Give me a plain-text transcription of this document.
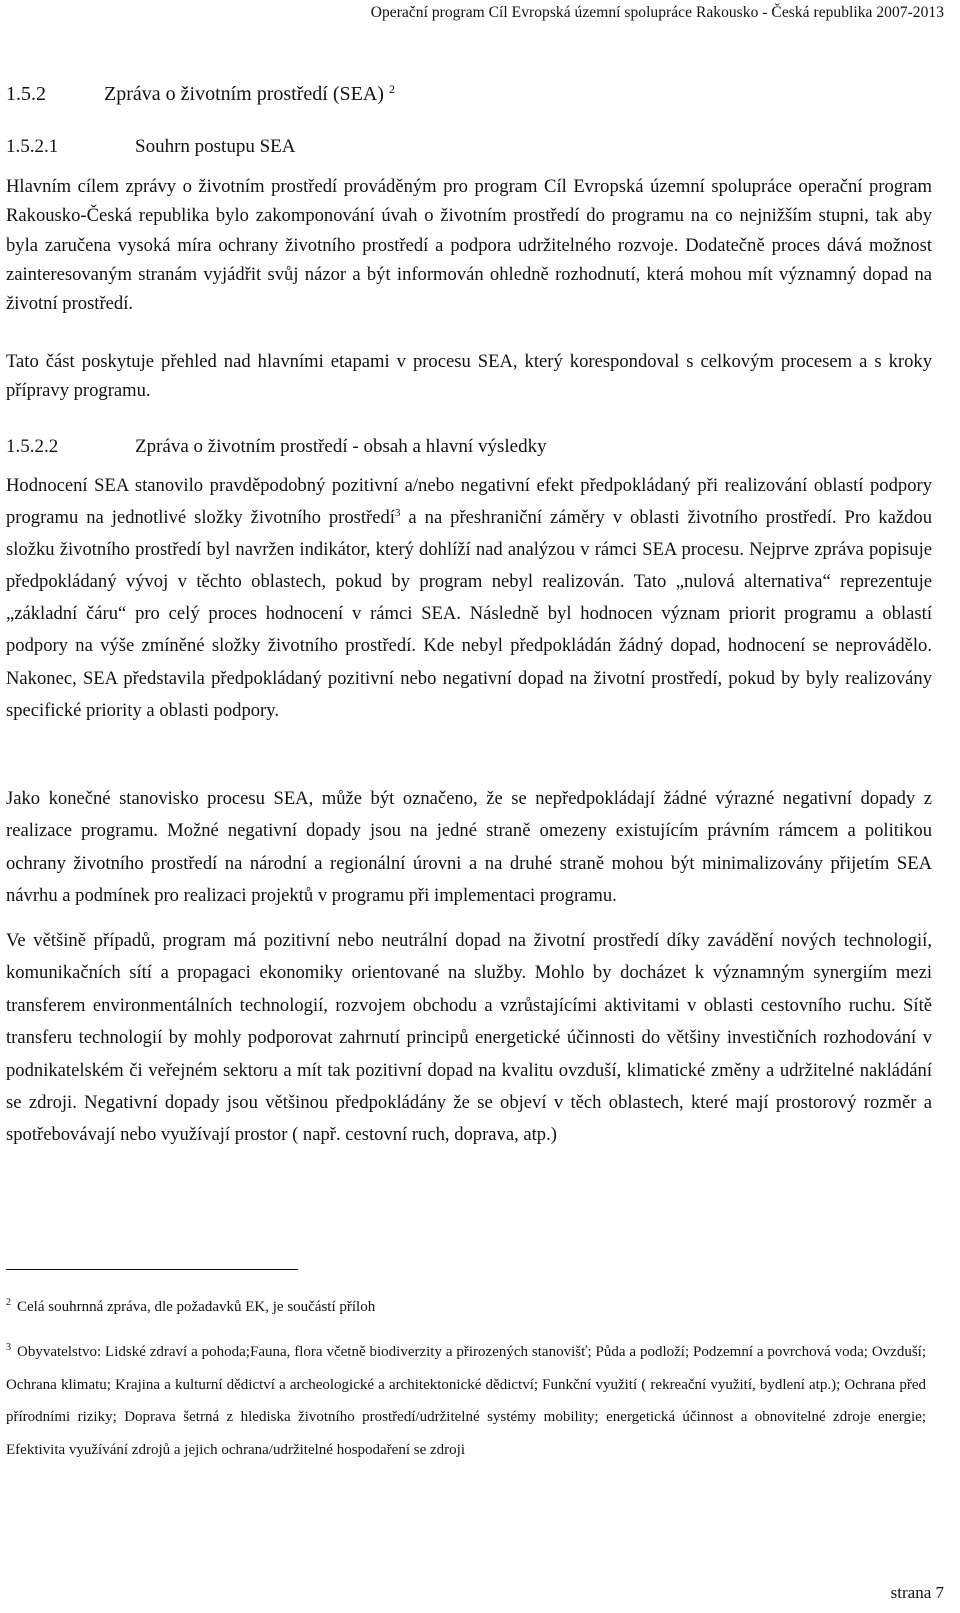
Operační program Cíl Evropská územní spolupráce Rakousko - Česká republika 2007-2013
1.5.2	Zpráva o životním prostředí (SEA) $^2$
1.5.2.1	Souhrn postupu SEA

Hlavním cílem zprávy o životním prostředí prováděným pro program Cíl Evropská územní spolupráce operační program Rakousko-Česká republika bylo zakomponování úvah o životním prostředí do programu na co nejnižším stupni, tak aby byla zaručena vysoká míra ochrany životního prostředí a podpora udržitelného rozvoje. Dodatečně proces dává možnost zainteresovaným stranám vyjádřit svůj názor a být informován ohledně rozhodnutí, která mohou mít významný dopad na životní prostředí.

Tato část poskytuje přehled nad hlavními etapami v procesu SEA, který korespondoval s celkovým procesem a s kroky přípravy programu.

1.5.2.2	Zpráva o životním prostředí - obsah a hlavní výsledky

Hodnocení SEA stanovilo pravděpodobný pozitivní a/nebo negativní efekt předpokládaný při realizování oblastí podpory programu na jednotlivé složky životního prostředí$^3$ a na přeshraniční záměry v oblasti životního prostředí. Pro každou složku životního prostředí byl navržen indikátor, který dohlíží nad analýzou v rámci SEA procesu. Nejprve zpráva popisuje předpokládaný vývoj v těchto oblastech, pokud by program nebyl realizován. Tato „nulová alternativa“ reprezentuje „základní čáru“ pro celý proces hodnocení v rámci SEA. Následně byl hodnocen význam priorit programu a oblastí podpory na výše zmíněné složky životního prostředí. Kde nebyl předpokládán žádný dopad, hodnocení se neprovádělo. Nakonec, SEA představila předpokládaný pozitivní nebo negativní dopad na životní prostředí, pokud by byly realizovány specifické priority a oblasti podpory.

Jako konečné stanovisko procesu SEA, může být označeno, že se nepředpokládají žádné výrazné negativní dopady z realizace programu. Možné negativní dopady jsou na jedné straně omezeny existujícím právním rámcem a politikou ochrany životního prostředí na národní a regionální úrovni a na druhé straně mohou být minimalizovány přijetím SEA návrhu a podmínek pro realizaci projektů v programu při implementaci programu.

Ve většině případů, program má pozitivní nebo neutrální dopad na životní prostředí díky zavádění nových technologií, komunikačních sítí a propagaci ekonomiky orientované na služby. Mohlo by docházet k významným synergiím mezi transferem environmentálních technologií, rozvojem obchodu a vzrůstajícími aktivitami v oblasti cestovního ruchu. Sítě transferu technologií by mohly podporovat zahrnutí principů energetické účinnosti do většiny investičních rozhodování v podnikatelském či veřejném sektoru a mít tak pozitivní dopad na kvalitu ovzduší, klimatické změny a udržitelné nakládání se zdroji. Negativní dopady jsou většinou předpokládány že se objeví v těch oblastech, které mají prostorový rozměr a spotřebovávají nebo využívají prostor ( např. cestovní ruch, doprava, atp.)

$^2$ Celá souhrnná zpráva, dle požadavků EK, je součástí příloh

$^3$ Obyvatelstvo: Lidské zdraví a pohoda;Fauna, flora včetně biodiverzity a přirozených stanovišť; Půda a podloží; Podzemní a povrchová voda; Ovzduší; Ochrana klimatu; Krajina a kulturní dědictví a archeologické a architektonické dědictví; Funkční využití ( rekreační využití, bydlení atp.); Ochrana před přírodními riziky; Doprava šetrná z hlediska životního prostředí/udržitelné systémy mobility; energetická účinnost a obnovitelné zdroje energie; Efektivita využívání zdrojů a jejich ochrana/udržitelné hospodaření se zdroji

strana 7
